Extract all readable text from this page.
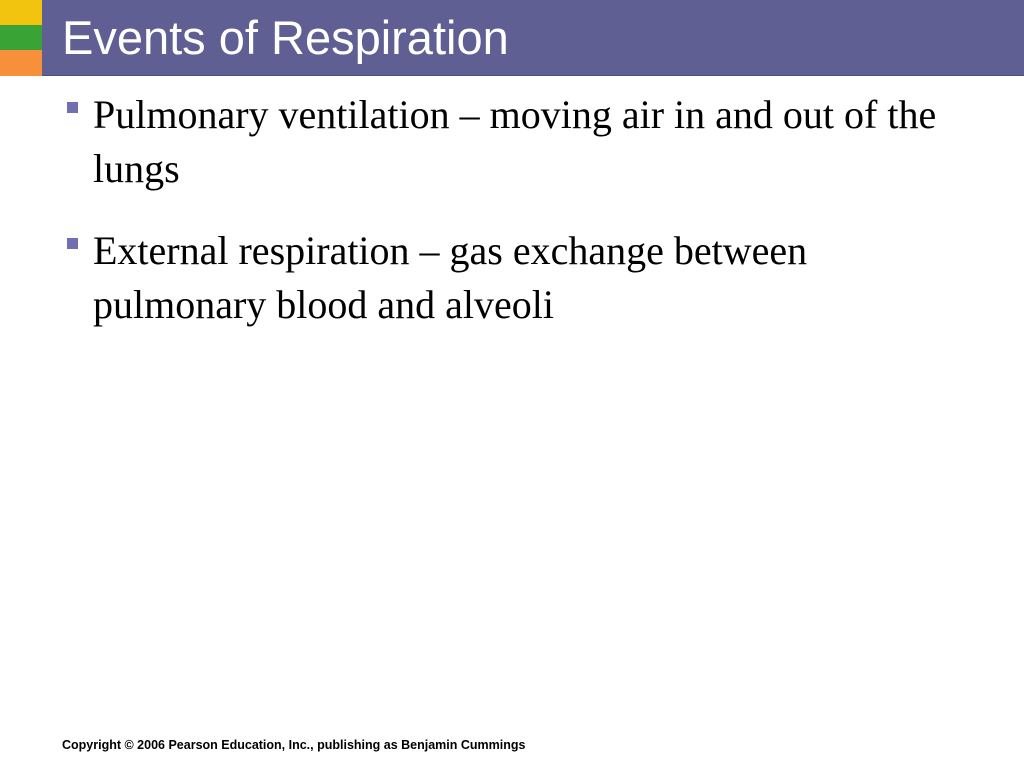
Events of Respiration
Pulmonary ventilation – moving air in and out of the lungs
External respiration – gas exchange between pulmonary blood and alveoli
Copyright © 2006 Pearson Education, Inc., publishing as Benjamin Cummings
